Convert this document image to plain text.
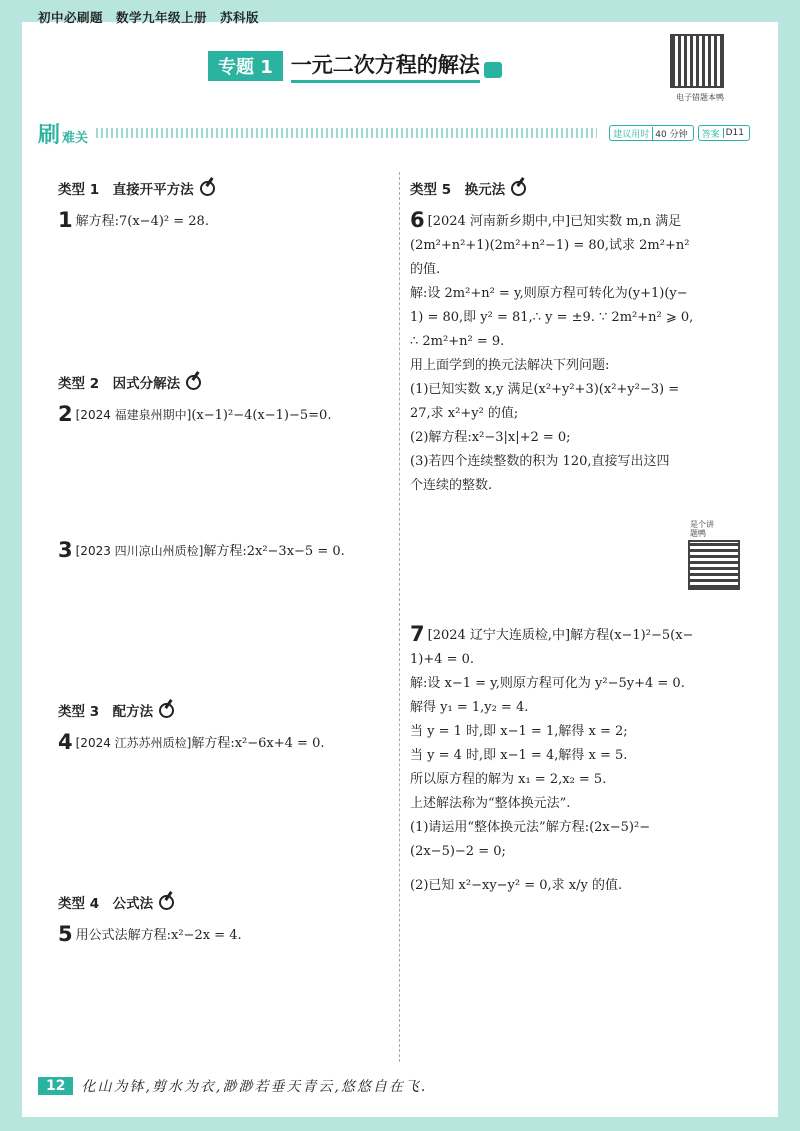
初中必刷题　数学九年级上册　苏科版
专题 1 一元二次方程的解法
电子错题本鸭
刷 难关	建议用时 40 分钟 答案 D11
类型 1　直接开平方法
1 解方程:7(x−4)² = 28.
类型 2　因式分解法
2 [2024 福建泉州期中](x−1)²−4(x−1)−5=0.
3 [2023 四川凉山州质检]解方程:2x²−3x−5 = 0.
类型 3　配方法
4 [2024 江苏苏州质检]解方程:x²−6x+4 = 0.
类型 4　公式法
5 用公式法解方程:x²−2x = 4.
类型 5　换元法
6 [2024 河南新乡期中,中]已知实数 m,n 满足
(2m²+n²+1)(2m²+n²−1) = 80,试求 2m²+n²
的值.
解:设 2m²+n² = y,则原方程可转化为(y+1)(y−
1) = 80,即 y² = 81,∴ y = ±9. ∵ 2m²+n² ⩾ 0,
∴ 2m²+n² = 9.
用上面学到的换元法解决下列问题:
(1)已知实数 x,y 满足(x²+y²+3)(x²+y²−3) =
27,求 x²+y² 的值;
(2)解方程:x²−3|x|+2 = 0;
(3)若四个连续整数的积为 120,直接写出这四
个连续的整数.
是个讲题鸭
7 [2024 辽宁大连质检,中]解方程(x−1)²−5(x−
1)+4 = 0.
解:设 x−1 = y,则原方程可化为 y²−5y+4 = 0.
解得 y₁ = 1,y₂ = 4.
当 y = 1 时,即 x−1 = 1,解得 x = 2;
当 y = 4 时,即 x−1 = 4,解得 x = 5.
所以原方程的解为 x₁ = 2,x₂ = 5.
上述解法称为“整体换元法”.
(1)请运用“整体换元法”解方程:(2x−5)²−
(2x−5)−2 = 0;
(2)已知 x²−xy−y² = 0,求 x/y 的值.
12	化山为钵,剪水为衣,渺渺若垂天青云,悠悠自在飞.
